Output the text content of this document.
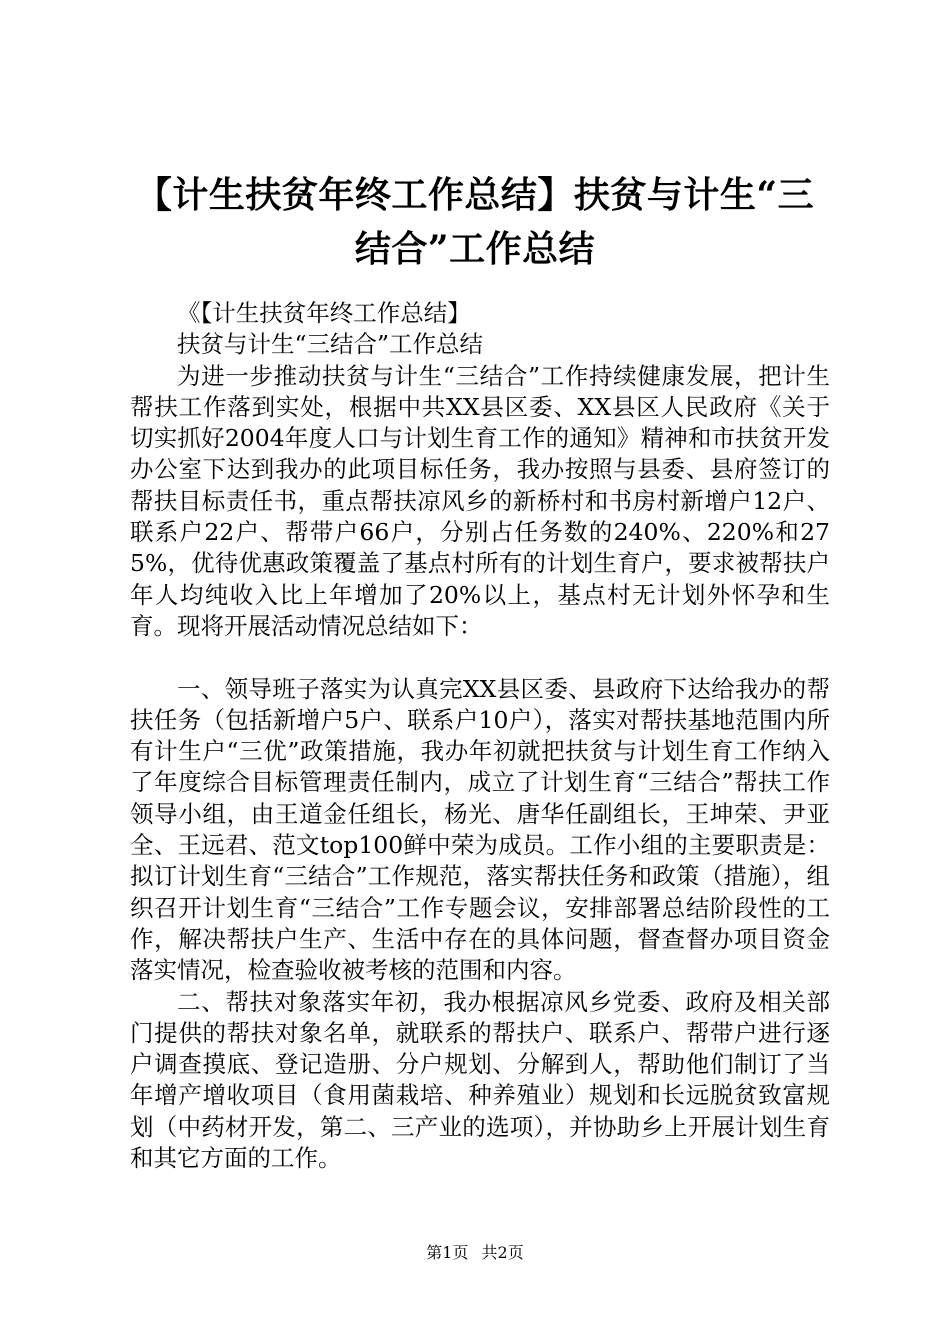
【计生扶贫年终工作总结】扶贫与计生“三结合”工作总结

《【计生扶贫年终工作总结】

扶贫与计生“三结合”工作总结

为进一步推动扶贫与计生“三结合”工作持续健康发展，把计生帮扶工作落到实处，根据中共XX县区委、XX县区人民政府《关于切实抓好2004年度人口与计划生育工作的通知》精神和市扶贫开发办公室下达到我办的此项目标任务，我办按照与县委、县府签订的帮扶目标责任书，重点帮扶凉风乡的新桥村和书房村新增户12户、联系户22户、帮带户66户，分别占任务数的240%、220%和275%，优待优惠政策覆盖了基点村所有的计划生育户，要求被帮扶户年人均纯收入比上年增加了20%以上，基点村无计划外怀孕和生育。现将开展活动情况总结如下：

一、领导班子落实为认真完XX县区委、县政府下达给我办的帮扶任务（包括新增户5户、联系户10户），落实对帮扶基地范围内所有计生户“三优”政策措施，我办年初就把扶贫与计划生育工作纳入了年度综合目标管理责任制内，成立了计划生育“三结合”帮扶工作领导小组，由王道金任组长，杨光、唐华任副组长，王坤荣、尹亚全、王远君、范文top100鲜中荣为成员。工作小组的主要职责是：拟订计划生育“三结合”工作规范，落实帮扶任务和政策（措施），组织召开计划生育“三结合”工作专题会议，安排部署总结阶段性的工作，解决帮扶户生产、生活中存在的具体问题，督查督办项目资金落实情况，检查验收被考核的范围和内容。

二、帮扶对象落实年初，我办根据凉风乡党委、政府及相关部门提供的帮扶对象名单，就联系的帮扶户、联系户、帮带户进行逐户调查摸底、登记造册、分户规划、分解到人，帮助他们制订了当年增产增收项目（食用菌栽培、种养殖业）规划和长远脱贫致富规划（中药材开发，第二、三产业的选项），并协助乡上开展计划生育和其它方面的工作。

第1页 共2页
